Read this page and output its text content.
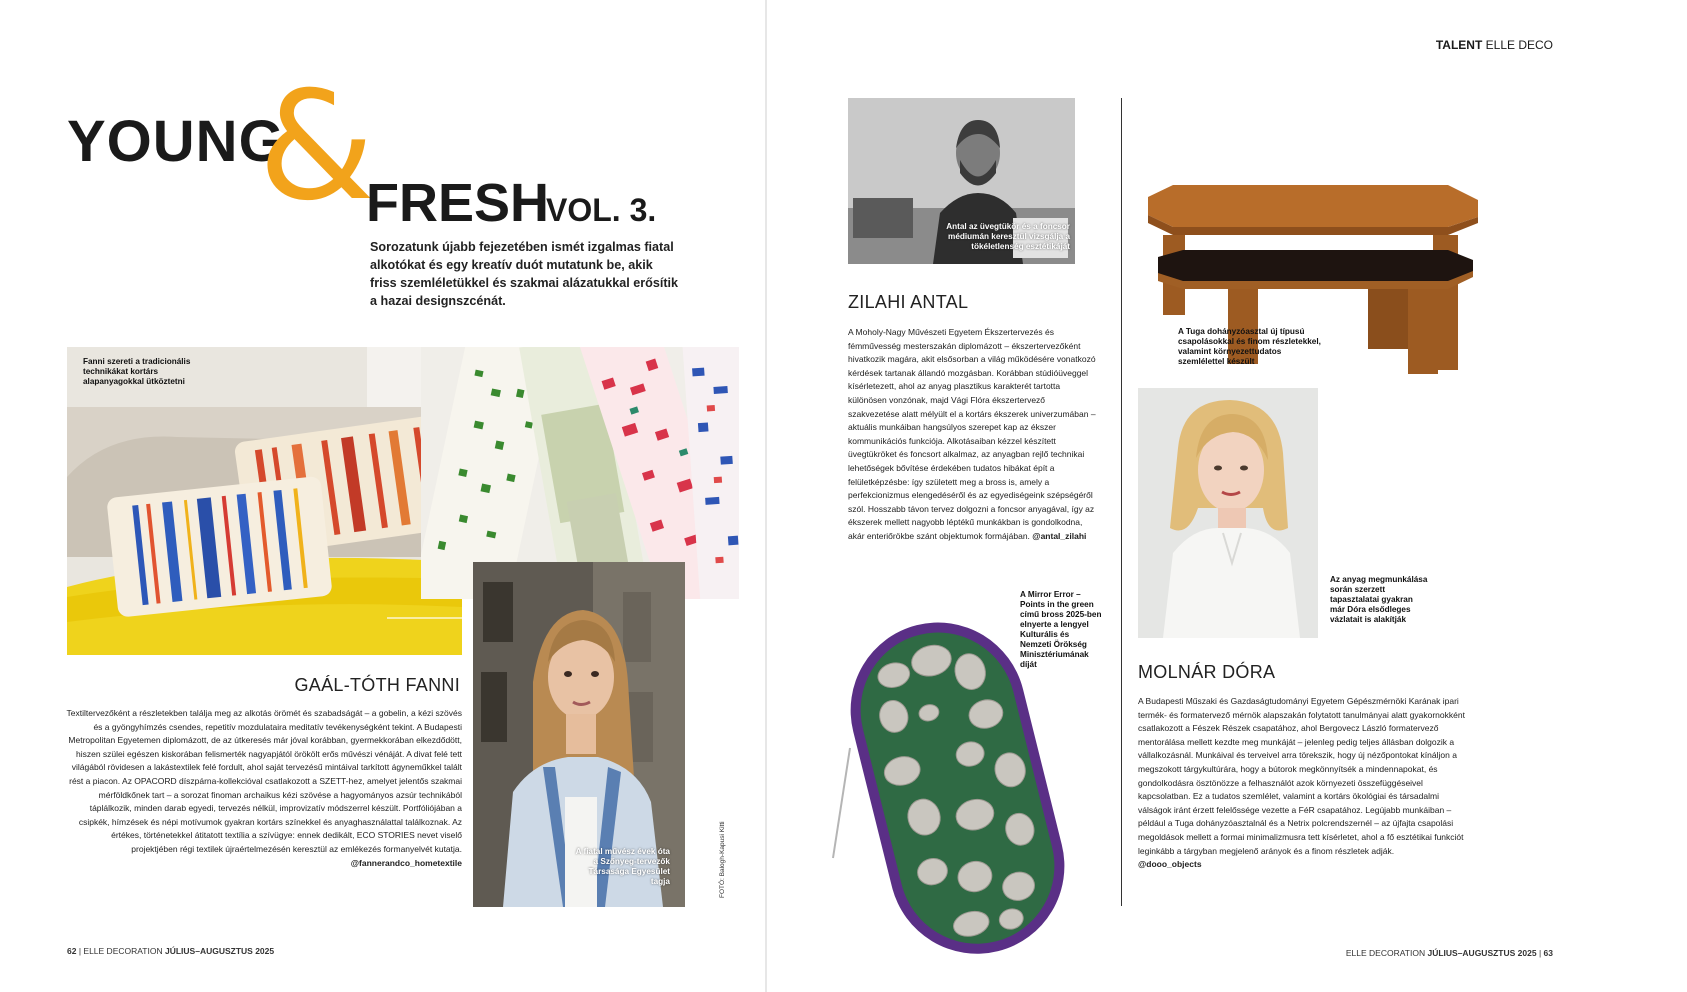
YOUNG
&
FRESH
VOL. 3.
Sorozatunk újabb fejezetében ismét izgalmas fiatal alkotókat és egy kreatív duót mutatunk be, akik friss szemléletükkel és szakmai alázatukkal erősítik a hazai designszcénát.
Fanni szereti a tradicionális technikákat kortárs alapanyagokkal ütköztetni
A fiatal művész évek óta a Szőnyeg-tervezők Társasága Egyesület tagja	FOTÓ: Balogh-Kapusi Kitti
GAÁL-TÓTH FANNI
Textiltervezőként a részletekben találja meg az alkotás örömét és szabadságát – a gobelin, a kézi szövés és a gyöngyhímzés csendes, repetitív mozdulataira meditatív tevékenységként tekint. A Budapesti Metropolitan Egyetemen diplomázott, de az útkeresés már jóval korábban, gyermekkorában elkezdődött, hiszen szülei egészen kiskorában felismerték nagyapjától örökölt erős művészi vénáját. A divat felé tett világából rövidesen a lakástextilek felé fordult, ahol saját tervezésű mintáival tarkított ágyneműkkel talált rést a piacon. Az OPACORD díszpárna-kollekcióval csatlakozott a SZETT-hez, amelyet jelentős szakmai mérföldkőnek tart – a sorozat finoman archaikus kézi szövése a hagyományos azsúr technikából táplálkozik, minden darab egyedi, tervezés nélkül, improvizatív módszerrel készült. Portfóliójában a csipkék, hímzések és népi motívumok gyakran kortárs színekkel és anyaghasználattal találkoznak. Az értékes, történetekkel átitatott textília a szívügye: ennek dedikált, ECO STORIES nevet viselő projektjében régi textilek újraértelmezésén keresztül az emlékezés formanyelvét kutatja.
@fannerandco_hometextile
62 | ELLE DECORATION JÚLIUS–AUGUSZTUS 2025
TALENT ELLE DECO
Antal az üvegtükör és a foncsor médiumán keresztül vizsgálja a tökéletlenség esztétikáját
ZILAHI ANTAL
A Moholy-Nagy Művészeti Egyetem Ékszertervezés és fémművesség mesterszakán diplomázott – ékszertervezőként hivatkozik magára, akit elsősorban a világ működésére vonatkozó kérdések tartanak állandó mozgásban. Korábban stúdióüveggel kísérletezett, ahol az anyag plasztikus karakterét tartotta különösen vonzónak, majd Vági Flóra ékszertervező szakvezetése alatt mélyült el a kortárs ékszerek univerzumában – aktuális munkáiban hangsúlyos szerepet kap az ékszer kommunikációs funkciója. Alkotásaiban kézzel készített üvegtükröket és foncsort alkalmaz, az anyagban rejlő technikai lehetőségek bővítése érdekében tudatos hibákat épít a felületképzésbe: így született meg a bross is, amely a perfekcionizmus elengedéséről és az egyediségeink szépségéről szól. Hosszabb távon tervez dolgozni a foncsor anyagával, így az ékszerek mellett nagyobb léptékű munkákban is gondolkodna, akár enteriőrökbe szánt objektumok formájában. @antal_zilahi
A Mirror Error – Points in the green című bross 2025-ben elnyerte a lengyel Kulturális és Nemzeti Örökség Minisztériumának díját
A Tuga dohányzóasztal új típusú csapolásokkal és finom részletekkel, valamint környezettudatos szemlélettel készült
Az anyag megmunkálása során szerzett tapasztalatai gyakran már Dóra elsődleges vázlatait is alakítják
MOLNÁR DÓRA
A Budapesti Műszaki és Gazdaságtudományi Egyetem Gépészmérnöki Karának ipari termék- és formatervező mérnök alapszakán folytatott tanulmányai alatt gyakornokként csatlakozott a Fészek Részek csapatához, ahol Bergovecz László formatervező mentorálása mellett kezdte meg munkáját – jelenleg pedig teljes állásban dolgozik a vállalkozásnál. Munkáival és terveivel arra törekszik, hogy új nézőpontokat kínáljon a megszokott tárgykultúrára, hogy a bútorok megkönnyítsék a mindennapokat, és gondolkodásra ösztönözze a felhasználót azok környezeti összefüggéseivel kapcsolatban. Ez a tudatos szemlélet, valamint a kortárs ökológiai és társadalmi válságok iránt érzett felelőssége vezette a FéR csapatához. Legújabb munkáiban – például a Tuga dohányzóasztalnál és a Netrix polcrendszernél – az újfajta csapolási megoldások mellett a formai minimalizmusra tett kísérletet, ahol a fő esztétikai funkciót leginkább a tárgyban megjelenő arányok és a finom részletek adják.
@dooo_objects
ELLE DECORATION JÚLIUS–AUGUSZTUS 2025 | 63
